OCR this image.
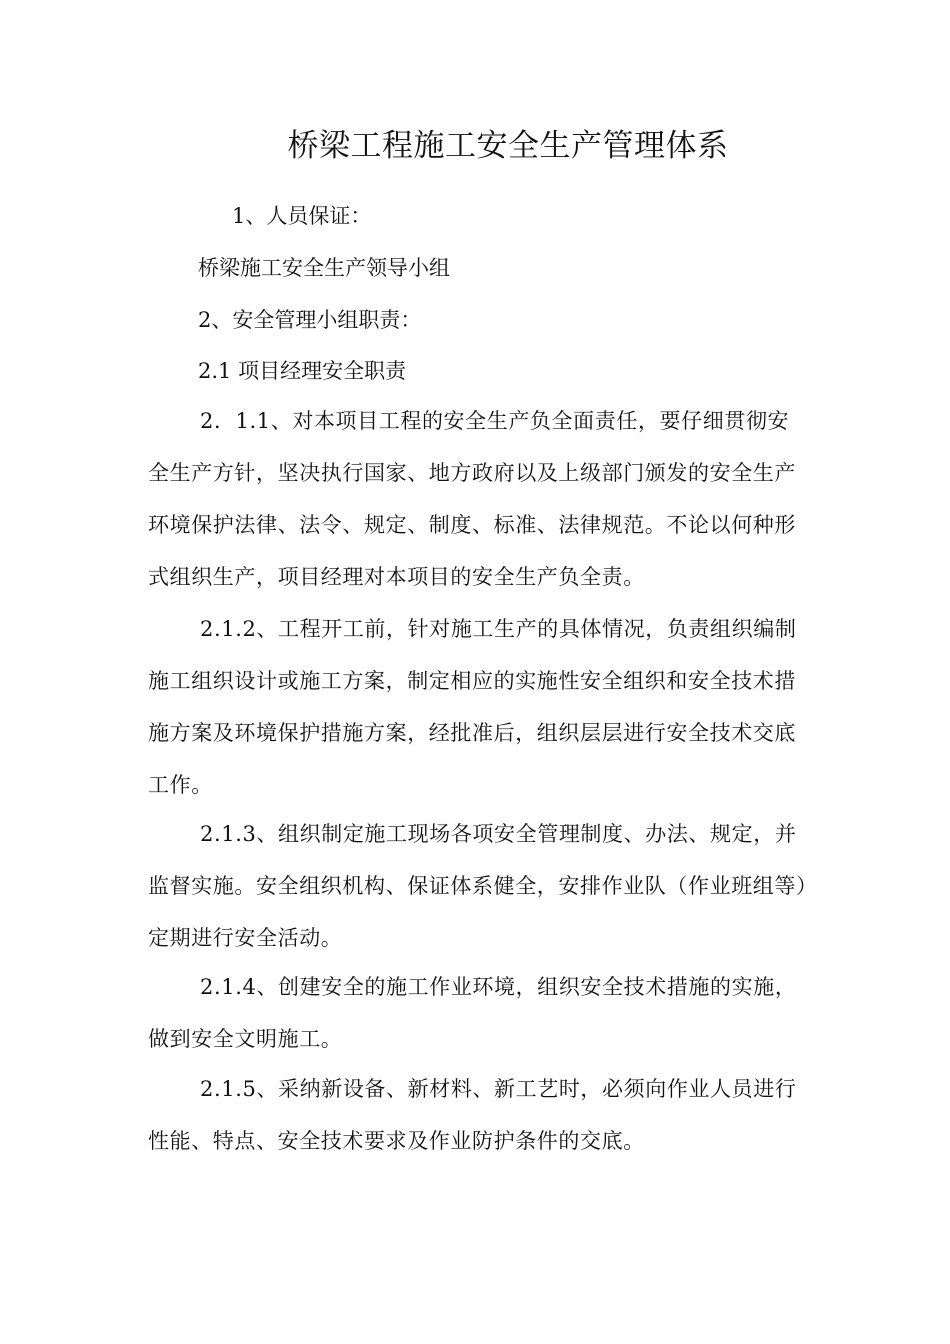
桥梁工程施工安全生产管理体系

1、人员保证：

桥梁施工安全生产领导小组

2、安全管理小组职责：

2.1 项目经理安全职责

2．1.1、对本项目工程的安全生产负全面责任，要仔细贯彻安全生产方针，坚决执行国家、地方政府以及上级部门颁发的安全生产环境保护法律、法令、规定、制度、标准、法律规范。不论以何种形式组织生产，项目经理对本项目的安全生产负全责。

2.1.2、工程开工前，针对施工生产的具体情况，负责组织编制施工组织设计或施工方案，制定相应的实施性安全组织和安全技术措施方案及环境保护措施方案，经批准后，组织层层进行安全技术交底工作。

2.1.3、组织制定施工现场各项安全管理制度、办法、规定，并监督实施。安全组织机构、保证体系健全，安排作业队（作业班组等）定期进行安全活动。

2.1.4、创建安全的施工作业环境，组织安全技术措施的实施，做到安全文明施工。

2.1.5、采纳新设备、新材料、新工艺时，必须向作业人员进行性能、特点、安全技术要求及作业防护条件的交底。
